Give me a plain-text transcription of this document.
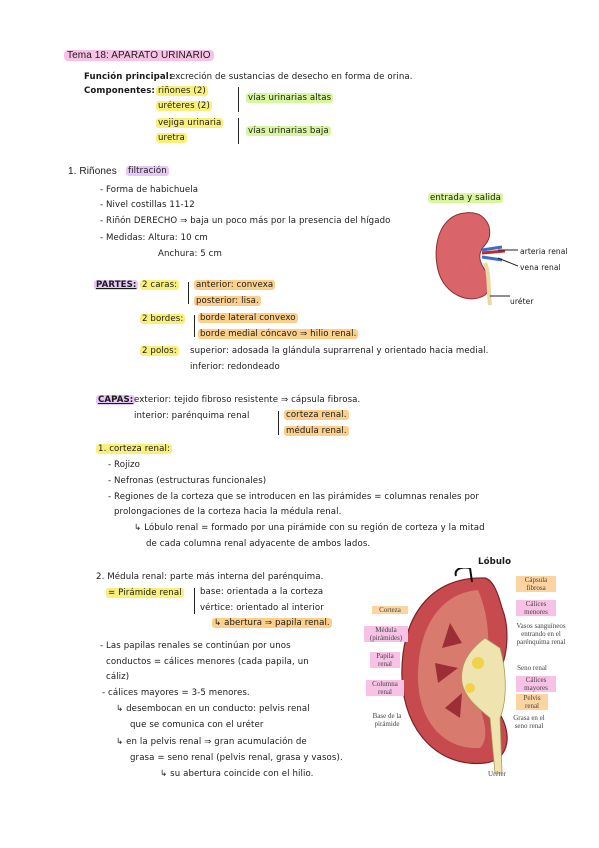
Tema 18: APARATO URINARIO
Función principal:
excreción de sustancias de desecho en forma de orina.
Componentes: riñones (2)
uréteres (2)
vejiga urinaria
uretra
vías urinarias altas
vías urinarias baja
1. Riñones filtración
- Forma de habichuela
- Nivel costillas 11-12
- Riñón DERECHO ⇒ baja un poco más por la presencia del hígado
- Medidas: Altura: 10 cm
Anchura: 5 cm
entrada y salida
arteria renal
vena renal
uréter
PARTES: 2 caras: anterior: convexa
posterior: lisa.
2 bordes: borde lateral convexo
borde medial cóncavo ⇒ hilio renal.
2 polos: superior: adosada la glándula suprarrenal y orientado hacia medial.
inferior: redondeado
CAPAS: exterior: tejido fibroso resistente ⇒ cápsula fibrosa.
interior: parénquima renal	corteza renal.
médula renal.
1. corteza renal:
- Rojizo
- Nefronas (estructuras funcionales)
- Regiones de la corteza que se introducen en las pirámides = columnas renales por
prolongaciones de la corteza hacia la médula renal.
↳ Lóbulo renal = formado por una pirámide con su región de corteza y la mitad
de cada columna renal adyacente de ambos lados.
2. Médula renal: parte más interna del parénquima.
= Pirámide renal base: orientada a la corteza
vértice: orientado al interior
↳ abertura ⇒ papila renal.
- Las papilas renales se continúan por unos
conductos = cálices menores (cada papila, un
cáliz)
- cálices mayores = 3-5 menores.
↳ desembocan en un conducto: pelvis renal
que se comunica con el uréter
↳ en la pelvis renal ⇒ gran acumulación de
grasa = seno renal (pelvis renal, grasa y vasos).
↳ su abertura coincide con el hilio.
Lóbulo
Cápsula fibrosa
Cálices menores
Vasos sanguíneos entrando en el parénquima renal
Seno renal
Cálices mayores
Pelvis renal
Grasa en el seno renal
Uréter
Corteza
Médula (pirámides)
Papila renal
Columna renal
Base de la pirámide
